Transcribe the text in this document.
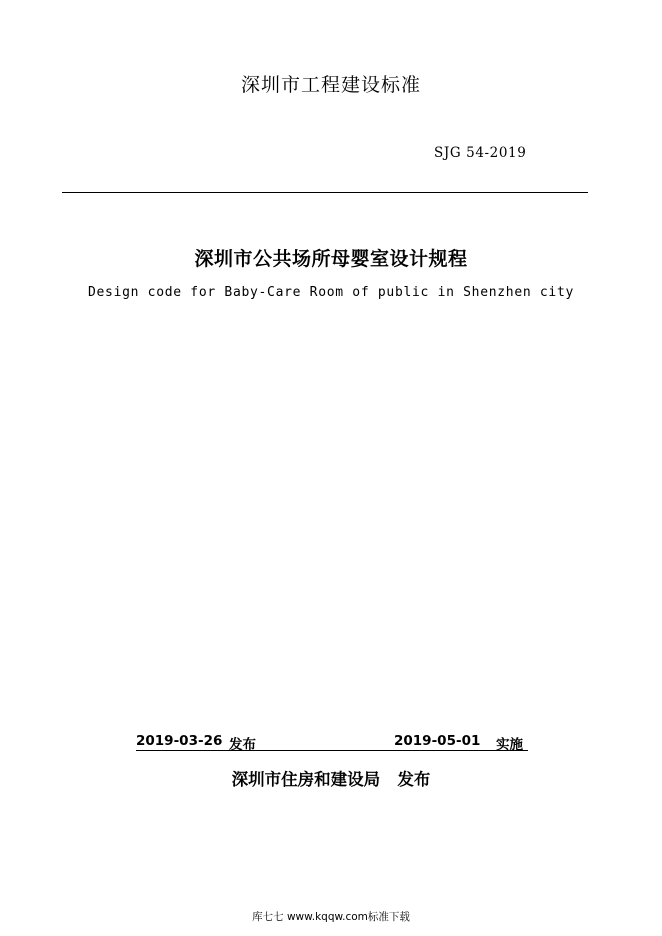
深圳市工程建设标准
SJG 54-2019
深圳市公共场所母婴室设计规程
Design code for Baby-Care Room of public in Shenzhen city
2019-03-26 发布	2019-05-01 实施
深圳市住房和建设局   发布
库七七 www.kqqw.com标准下载
